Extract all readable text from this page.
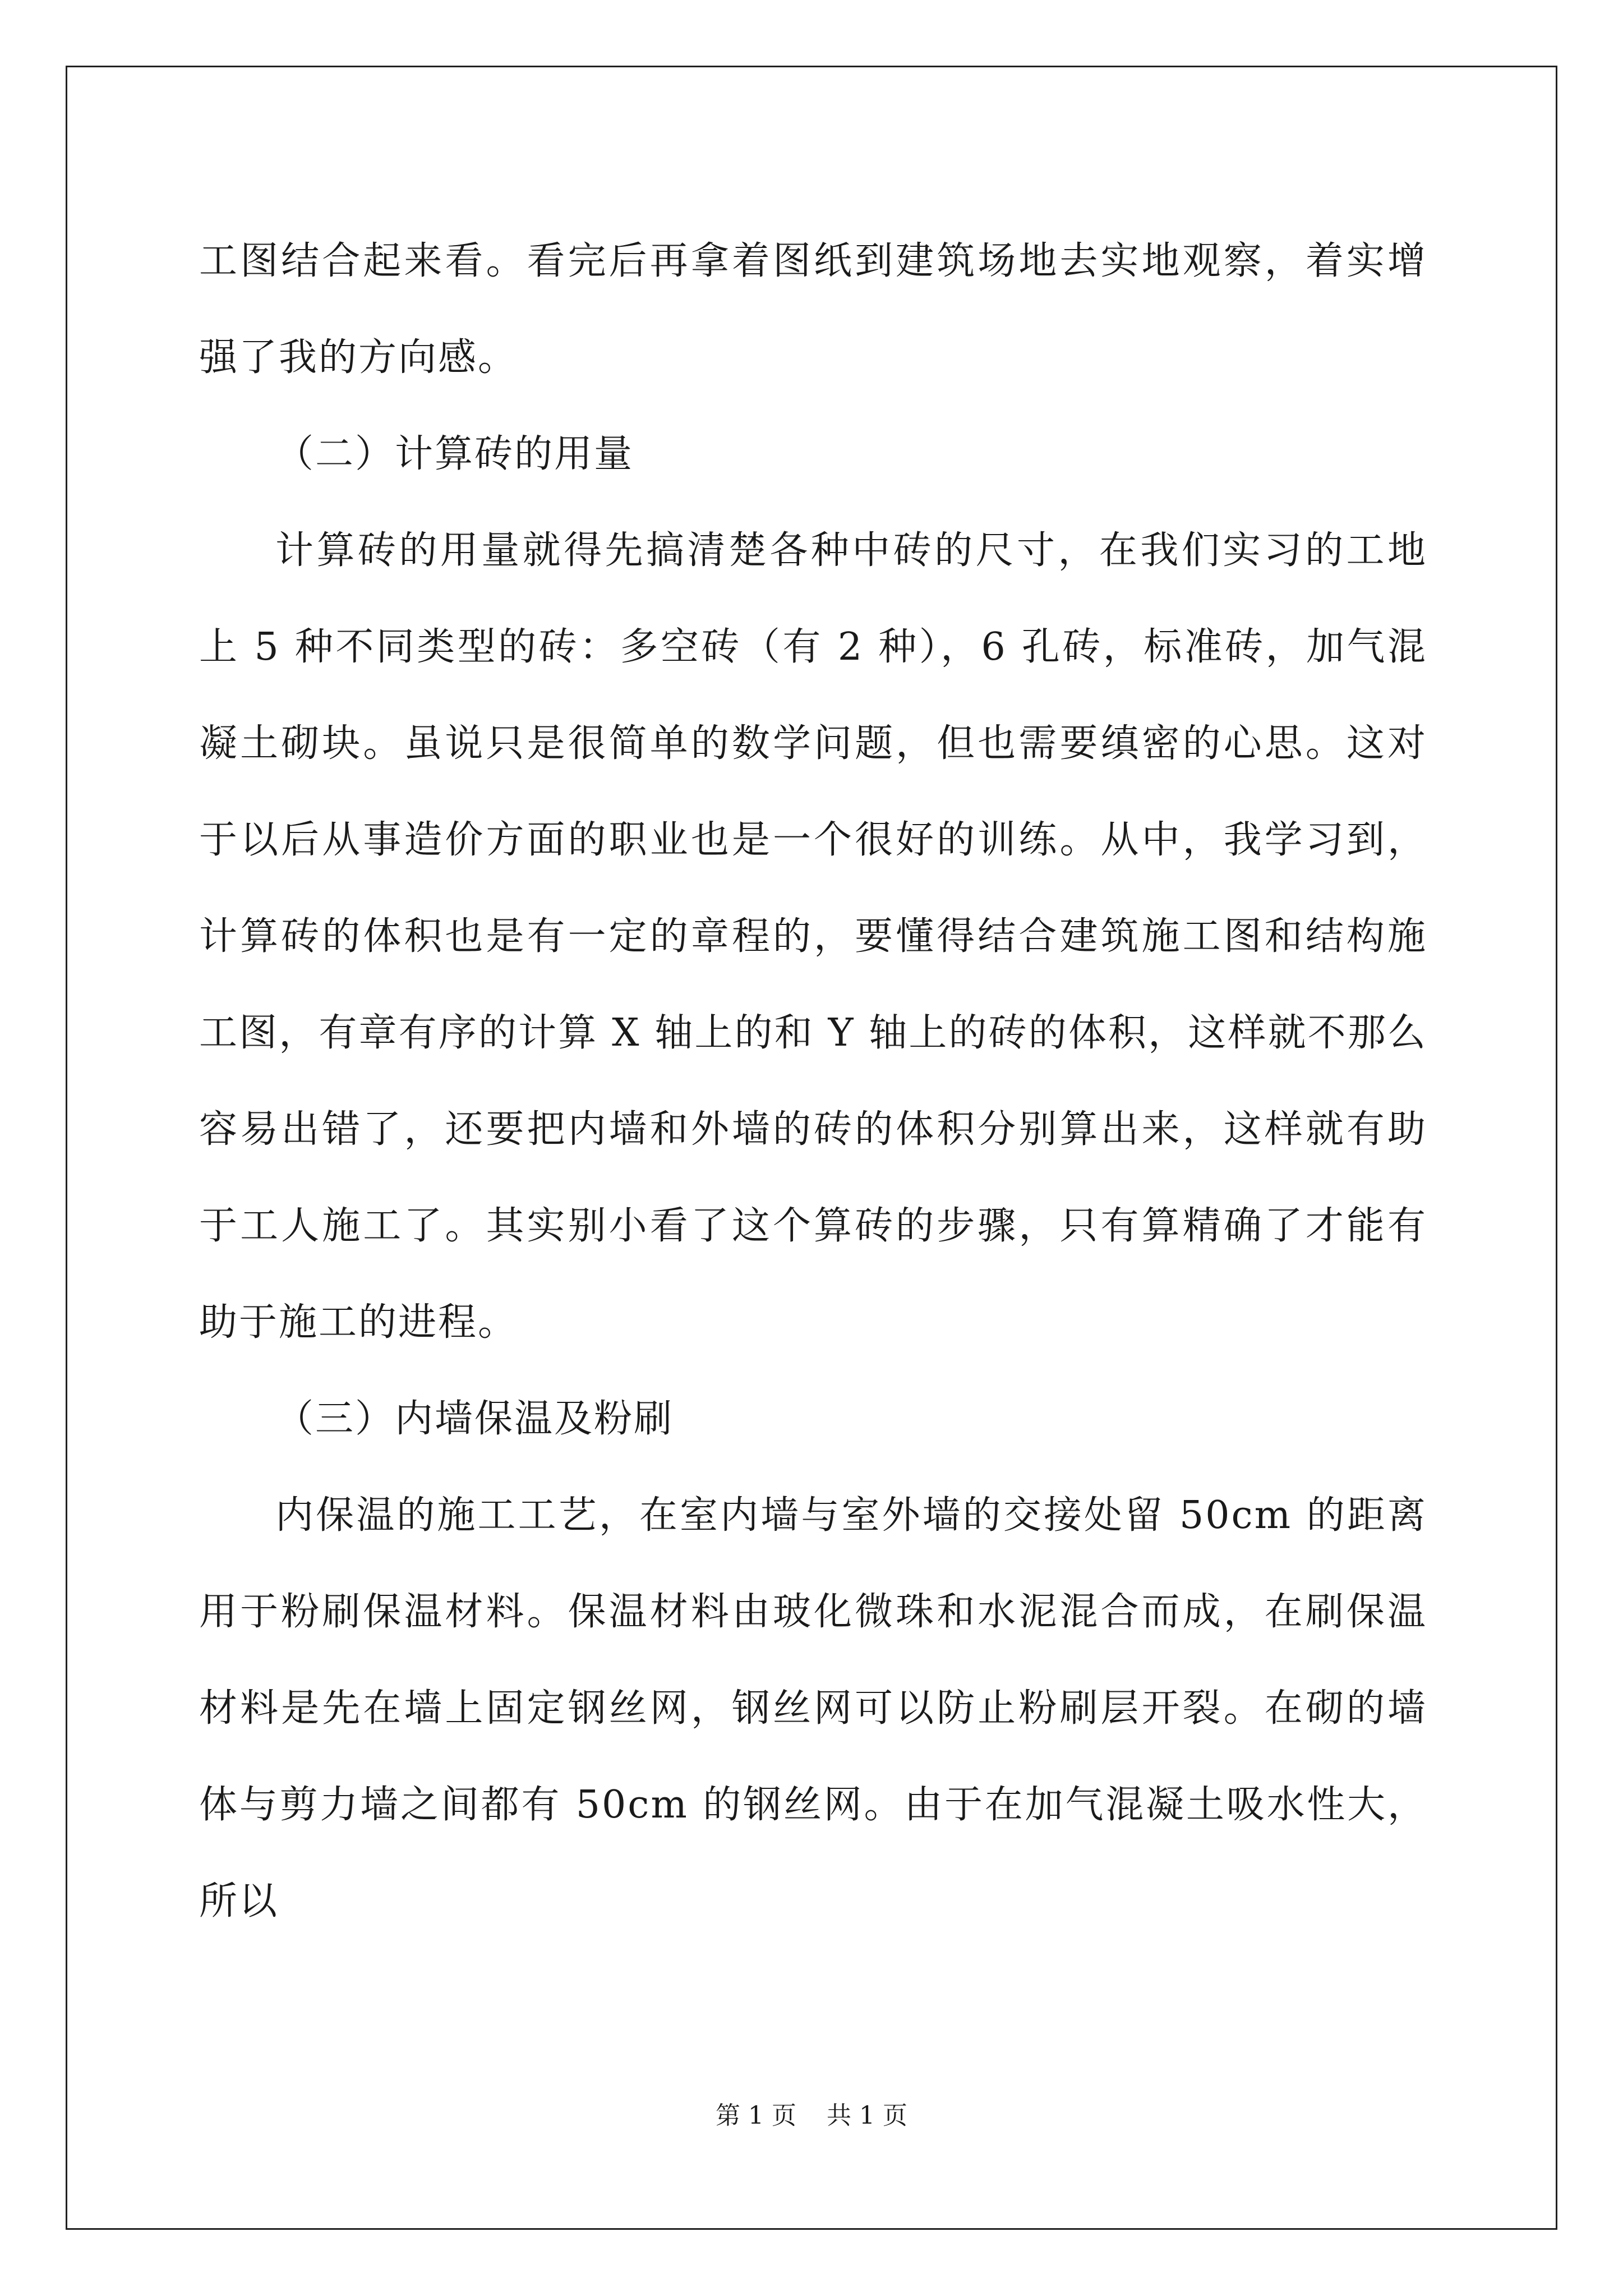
工图结合起来看。看完后再拿着图纸到建筑场地去实地观察，着实增强了我的方向感。

（二）计算砖的用量

计算砖的用量就得先搞清楚各种中砖的尺寸，在我们实习的工地上 5 种不同类型的砖：多空砖（有 2 种），6 孔砖，标准砖，加气混凝土砌块。虽说只是很简单的数学问题，但也需要缜密的心思。这对于以后从事造价方面的职业也是一个很好的训练。从中，我学习到，计算砖的体积也是有一定的章程的，要懂得结合建筑施工图和结构施工图，有章有序的计算 X 轴上的和 Y 轴上的砖的体积，这样就不那么容易出错了，还要把内墙和外墙的砖的体积分别算出来，这样就有助于工人施工了。其实别小看了这个算砖的步骤，只有算精确了才能有助于施工的进程。

（三）内墙保温及粉刷

内保温的施工工艺，在室内墙与室外墙的交接处留 50cm 的距离用于粉刷保温材料。保温材料由玻化微珠和水泥混合而成，在刷保温材料是先在墙上固定钢丝网，钢丝网可以防止粉刷层开裂。在砌的墙体与剪力墙之间都有 50cm 的钢丝网。由于在加气混凝土吸水性大，所以

第 1 页 共 1 页
